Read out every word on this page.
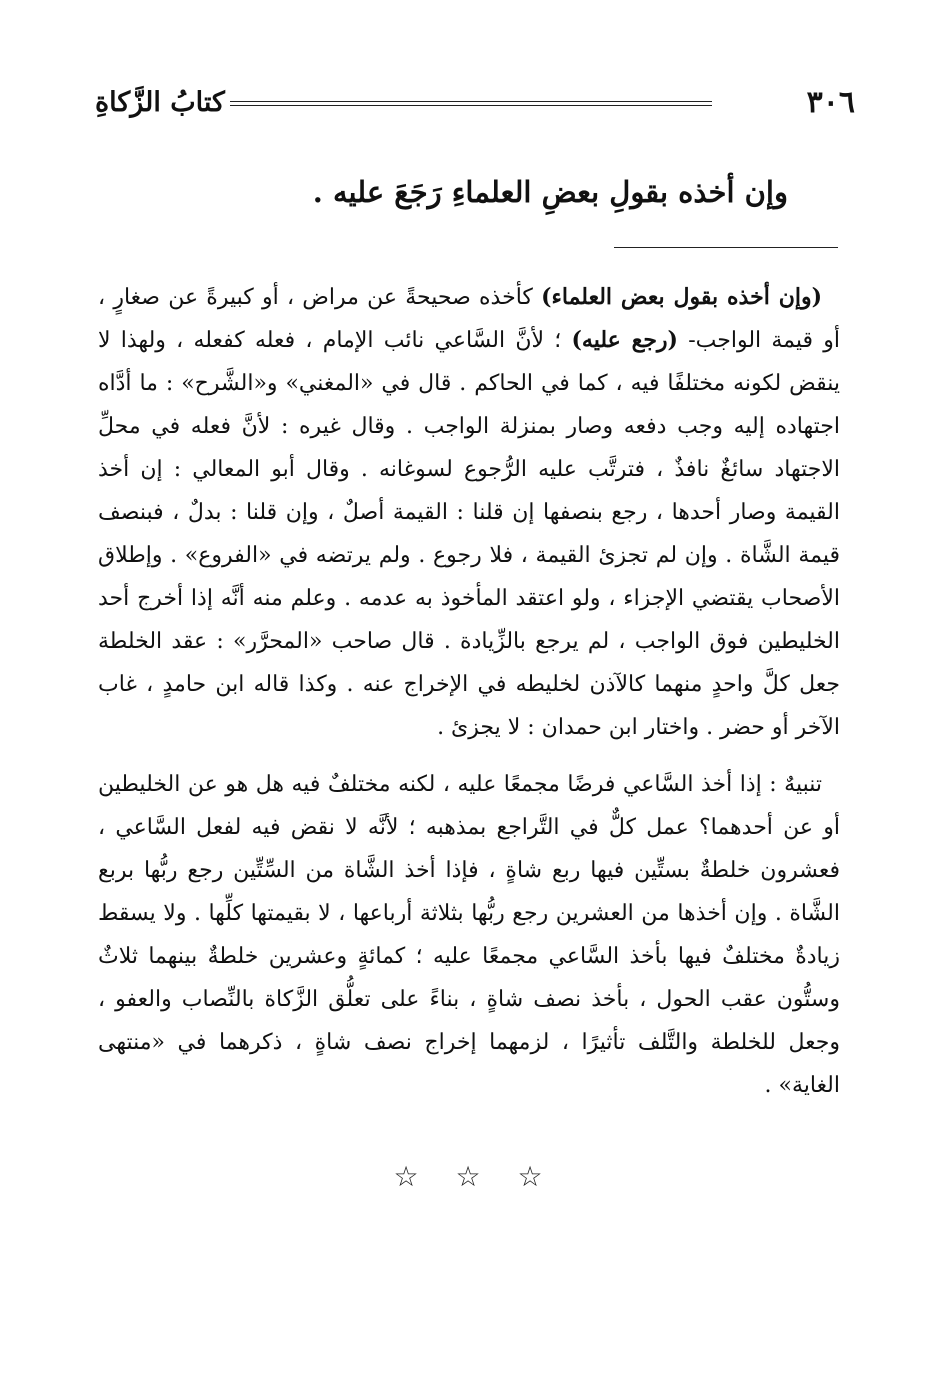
٣٠٦
كتابُ الزَّكاةِ
وإن أخذه بقولِ بعضِ العلماءِ رَجَعَ عليه .

(وإن أخذه بقول بعض العلماء) كأخذه صحيحةً عن مراض ، أو كبيرةً عن صغارٍ ، أو قيمة الواجب- (رجع عليه) ؛ لأنَّ السَّاعي نائب الإمام ، فعله كفعله ، ولهذا لا ينقض لكونه مختلفًا فيه ، كما في الحاكم . قال في «المغني» و«الشَّرح» : ما أدَّاه اجتهاده إليه وجب دفعه وصار بمنزلة الواجب . وقال غيره : لأنَّ فعله في محلِّ الاجتهاد سائغٌ نافذٌ ، فترتَّب عليه الرُّجوع لسوغانه . وقال أبو المعالي : إن أخذ القيمة وصار أحدها ، رجع بنصفها إن قلنا : القيمة أصلٌ ، وإن قلنا : بدلٌ ، فبنصف قيمة الشَّاة . وإن لم تجزئ القيمة ، فلا رجوع . ولم يرتضه في «الفروع» . وإطلاق الأصحاب يقتضي الإجزاء ، ولو اعتقد المأخوذ به عدمه . وعلم منه أنَّه إذا أخرج أحد الخليطين فوق الواجب ، لم يرجع بالزِّيادة . قال صاحب «المحرَّر» : عقد الخلطة جعل كلَّ واحدٍ منهما كالآذن لخليطه في الإخراج عنه . وكذا قاله ابن حامدٍ ، غاب الآخر أو حضر . واختار ابن حمدان : لا يجزئ .

تنبيهٌ : إذا أخذ السَّاعي فرضًا مجمعًا عليه ، لكنه مختلفٌ فيه هل هو عن الخليطين أو عن أحدهما؟ عمل كلٌّ في التَّراجع بمذهبه ؛ لأنَّه لا نقض فيه لفعل السَّاعي ، فعشرون خلطةٌ بستِّين فيها ربع شاةٍ ، فإذا أخذ الشَّاة من السِّتِّين رجع ربُّها بربع الشَّاة . وإن أخذها من العشرين رجع ربُّها بثلاثة أرباعها ، لا بقيمتها كلِّها . ولا يسقط زيادةٌ مختلفٌ فيها بأخذ السَّاعي مجمعًا عليه ؛ كمائةٍ وعشرين خلطةٌ بينهما ثلاثٌ وستُّون عقب الحول ، بأخذ نصف شاةٍ ، بناءً على تعلُّق الزَّكاة بالنِّصاب والعفو ، وجعل للخلطة والتَّلف تأثيرًا ، لزمهما إخراج نصف شاةٍ ، ذكرهما في «منتهى الغاية» .

☆ ☆ ☆
